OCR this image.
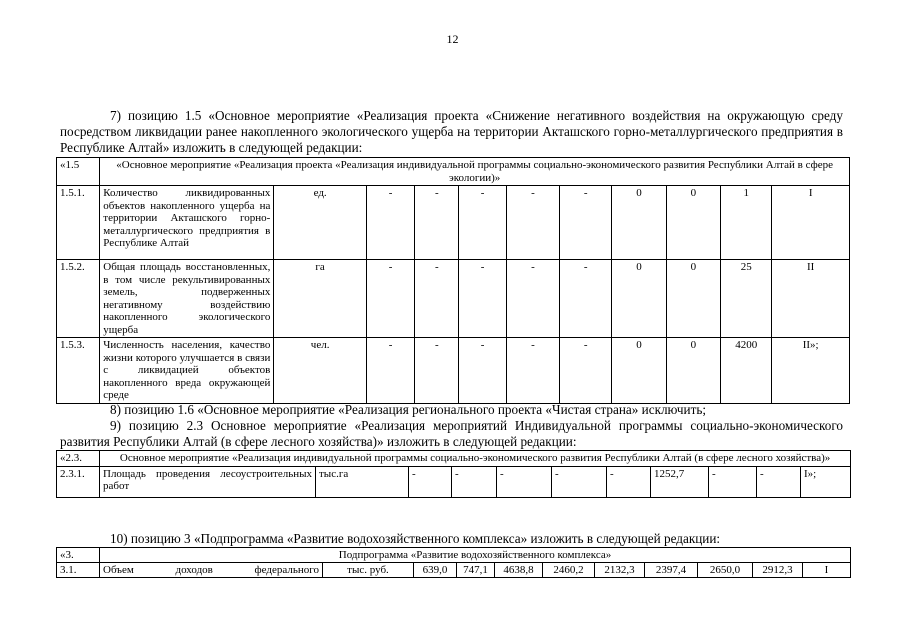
12
7) позицию 1.5 «Основное мероприятие «Реализация проекта «Снижение негативного воздействия на окружающую среду посредством ликвидации ранее накопленного экологического ущерба на территории Акташского горно-металлургического предприятия в Республике Алтай» изложить в следующей редакции:
«1.5	«Основное мероприятие «Реализация проекта «Реализация индивидуальной программы социально-экономического развития Республики Алтай в сфере экологии)»										
1.5.1.	Количество ликвидированных объектов накопленного ущерба на территории Акташского горно-металлургического предприятия в Республике Алтай	ед.	-	-	-	-	-	0	0	1	I
1.5.2.	Общая площадь восстановленных, в том числе рекультивированных земель, подверженных негативному воздействию накопленного экологического ущерба	га	-	-	-	-	-	0	0	25	II
1.5.3.	Численность населения, качество жизни которого улучшается в связи с ликвидацией объектов накопленного вреда окружающей среде	чел.	-	-	-	-	-	0	0	4200	II»;
8) позицию 1.6 «Основное мероприятие «Реализация регионального проекта «Чистая страна» исключить;
9) позицию 2.3 Основное мероприятие «Реализация мероприятий Индивидуальной программы социально-экономического развития Республики Алтай (в сфере лесного хозяйства)» изложить в следующей редакции:
«2.3.	Основное мероприятие «Реализация индивидуальной программы социально-экономического развития Республики Алтай (в сфере лесного хозяйства)»										
2.3.1.	Площадь проведения лесоустроительных работ	тыс.га	-	-	-	-	-	1252,7	-	-	I»;
10) позицию 3 «Подпрограмма «Развитие водохозяйственного комплекса» изложить в следующей редакции:
«3.	Подпрограмма «Развитие водохозяйственного комплекса»										
3.1.	Объем доходов федерального	тыс. руб.	639,0	747,1	4638,8	2460,2	2132,3	2397,4	2650,0	2912,3	I
